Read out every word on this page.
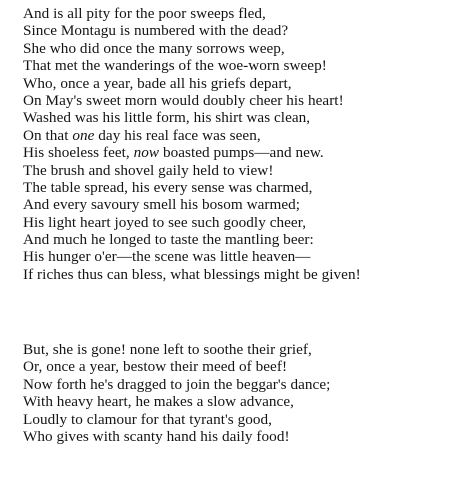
And is all pity for the poor sweeps fled,
Since Montagu is numbered with the dead?
She who did once the many sorrows weep,
That met the wanderings of the woe-worn sweep!
Who, once a year, bade all his griefs depart,
On May's sweet morn would doubly cheer his heart!
Washed was his little form, his shirt was clean,
On that one day his real face was seen,
His shoeless feet, now boasted pumps—and new.
The brush and shovel gaily held to view!
The table spread, his every sense was charmed,
And every savoury smell his bosom warmed;
His light heart joyed to see such goodly cheer,
And much he longed to taste the mantling beer:
His hunger o'er—the scene was little heaven—
If riches thus can bless, what blessings might be given!
But, she is gone! none left to soothe their grief,
Or, once a year, bestow their meed of beef!
Now forth he's dragged to join the beggar's dance;
With heavy heart, he makes a slow advance,
Loudly to clamour for that tyrant's good,
Who gives with scanty hand his daily food!
